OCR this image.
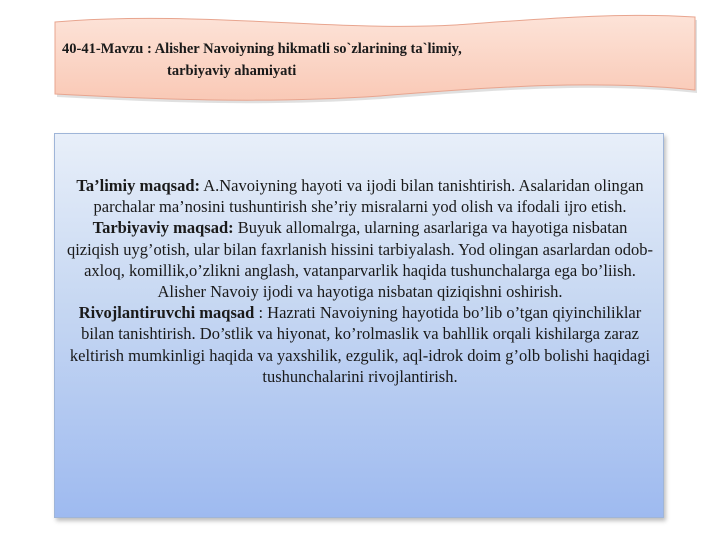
40-41-Mavzu : Alisher Navoiyning hikmatli so`zlarining ta`limiy,
tarbiyaviy ahamiyati

Ta’limiy maqsad: A.Navoiyning hayoti va ijodi bilan tanishtirish. Asalaridan olingan parchalar ma’nosini tushuntirish she’riy misralarni yod olish va ifodali ijro etish.

Tarbiyaviy maqsad: Buyuk allomalrga, ularning asarlariga va hayotiga nisbatan qiziqish uyg’otish, ular bilan faxrlanish hissini tarbiyalash. Yod olingan asarlardan odob-axloq, komillik,o’zlikni anglash, vatanparvarlik haqida tushunchalarga ega bo’liish. Alisher Navoiy ijodi va hayotiga nisbatan qiziqishni oshirish.

Rivojlantiruvchi maqsad : Hazrati Navoiyning hayotida bo’lib o’tgan qiyinchiliklar bilan tanishtirish. Do’stlik va hiyonat, ko’rolmaslik va bahllik orqali kishilarga zaraz keltirish mumkinligi haqida va yaxshilik, ezgulik, aql-idrok doim g’olb bolishi haqidagi tushunchalarini rivojlantirish.
